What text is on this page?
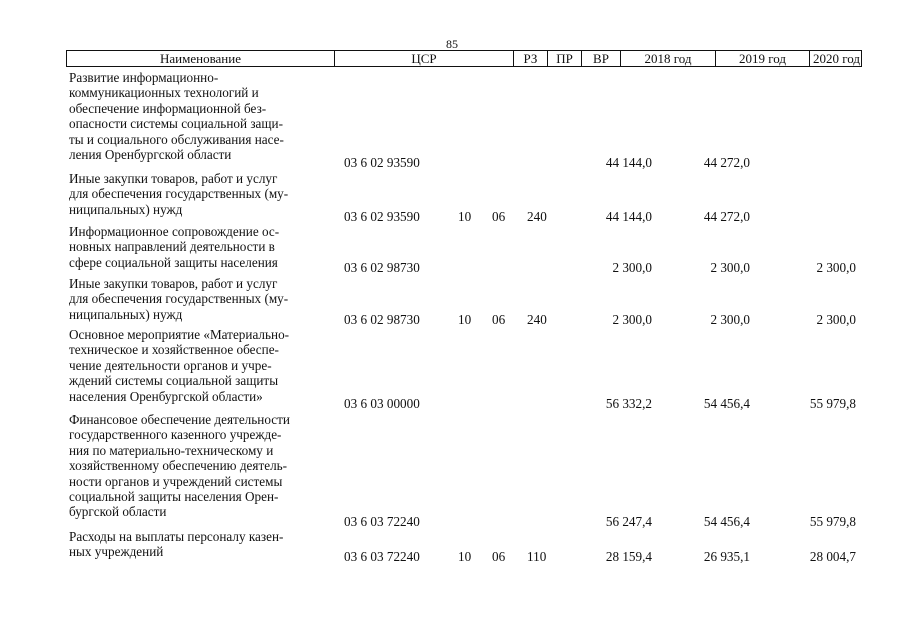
85
Наименование	ЦСР	РЗ	ПР	ВР	2018 год	2019 год	2020 год
Развитие информационно-
коммуникационных технологий и
обеспечение информационной без-
опасности системы социальной защи-
ты и социального обслуживания насе-
ления Оренбургской области
03 6 02 93590	44 144,0	44 272,0
Иные закупки товаров, работ и услуг
для обеспечения государственных (му-
ниципальных) нужд	03 6 02 93590	10 06 240	44 144,0	44 272,0
Информационное сопровождение ос-
новных направлений деятельности в
сфере социальной защиты населения	03 6 02 98730	2 300,0	2 300,0	2 300,0
Иные закупки товаров, работ и услуг
для обеспечения государственных (му-
ниципальных) нужд	03 6 02 98730	10 06 240	2 300,0	2 300,0	2 300,0
Основное мероприятие «Материально-
техническое и хозяйственное обеспе-
чение деятельности органов и учре-
ждений системы социальной защиты
населения Оренбургской области»	03 6 03 00000	56 332,2	54 456,4	55 979,8
Финансовое обеспечение деятельности
государственного казенного учрежде-
ния по материально-техническому и
хозяйственному обеспечению деятель-
ности органов и учреждений системы
социальной защиты населения Орен-
бургской области
03 6 03 72240	56 247,4	54 456,4	55 979,8
Расходы на выплаты персоналу казен-
ных учреждений	03 6 03 72240	10 06 110	28 159,4	26 935,1	28 004,7
